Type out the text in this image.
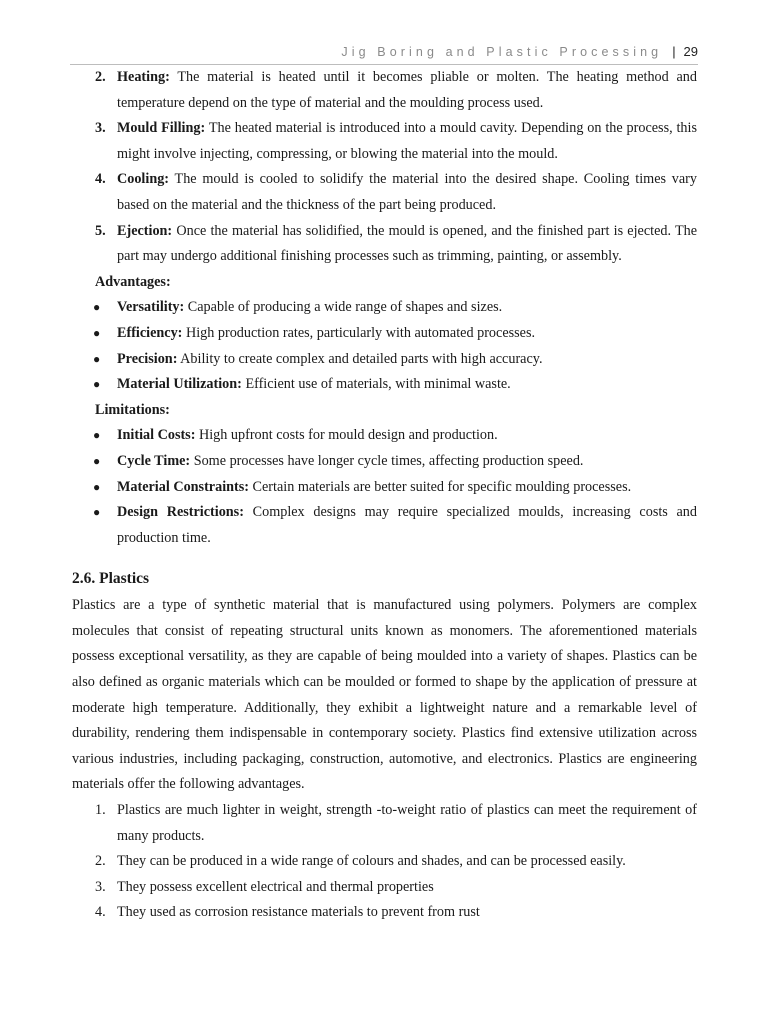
Jig Boring and Plastic Processing | 29
2. Heating: The material is heated until it becomes pliable or molten. The heating method and temperature depend on the type of material and the moulding process used.
3. Mould Filling: The heated material is introduced into a mould cavity. Depending on the process, this might involve injecting, compressing, or blowing the material into the mould.
4. Cooling: The mould is cooled to solidify the material into the desired shape. Cooling times vary based on the material and the thickness of the part being produced.
5. Ejection: Once the material has solidified, the mould is opened, and the finished part is ejected. The part may undergo additional finishing processes such as trimming, painting, or assembly.
Advantages:
● Versatility: Capable of producing a wide range of shapes and sizes.
● Efficiency: High production rates, particularly with automated processes.
● Precision: Ability to create complex and detailed parts with high accuracy.
● Material Utilization: Efficient use of materials, with minimal waste.
Limitations:
● Initial Costs: High upfront costs for mould design and production.
● Cycle Time: Some processes have longer cycle times, affecting production speed.
● Material Constraints: Certain materials are better suited for specific moulding processes.
● Design Restrictions: Complex designs may require specialized moulds, increasing costs and production time.
2.6. Plastics

Plastics are a type of synthetic material that is manufactured using polymers. Polymers are complex molecules that consist of repeating structural units known as monomers. The aforementioned materials possess exceptional versatility, as they are capable of being moulded into a variety of shapes. Plastics can be also defined as organic materials which can be moulded or formed to shape by the application of pressure at moderate high temperature. Additionally, they exhibit a lightweight nature and a remarkable level of durability, rendering them indispensable in contemporary society. Plastics find extensive utilization across various industries, including packaging, construction, automotive, and electronics. Plastics are engineering materials offer the following advantages.

1. Plastics are much lighter in weight, strength -to-weight ratio of plastics can meet the requirement of many products.
2. They can be produced in a wide range of colours and shades, and can be processed easily.
3. They possess excellent electrical and thermal properties
4. They used as corrosion resistance materials to prevent from rust
